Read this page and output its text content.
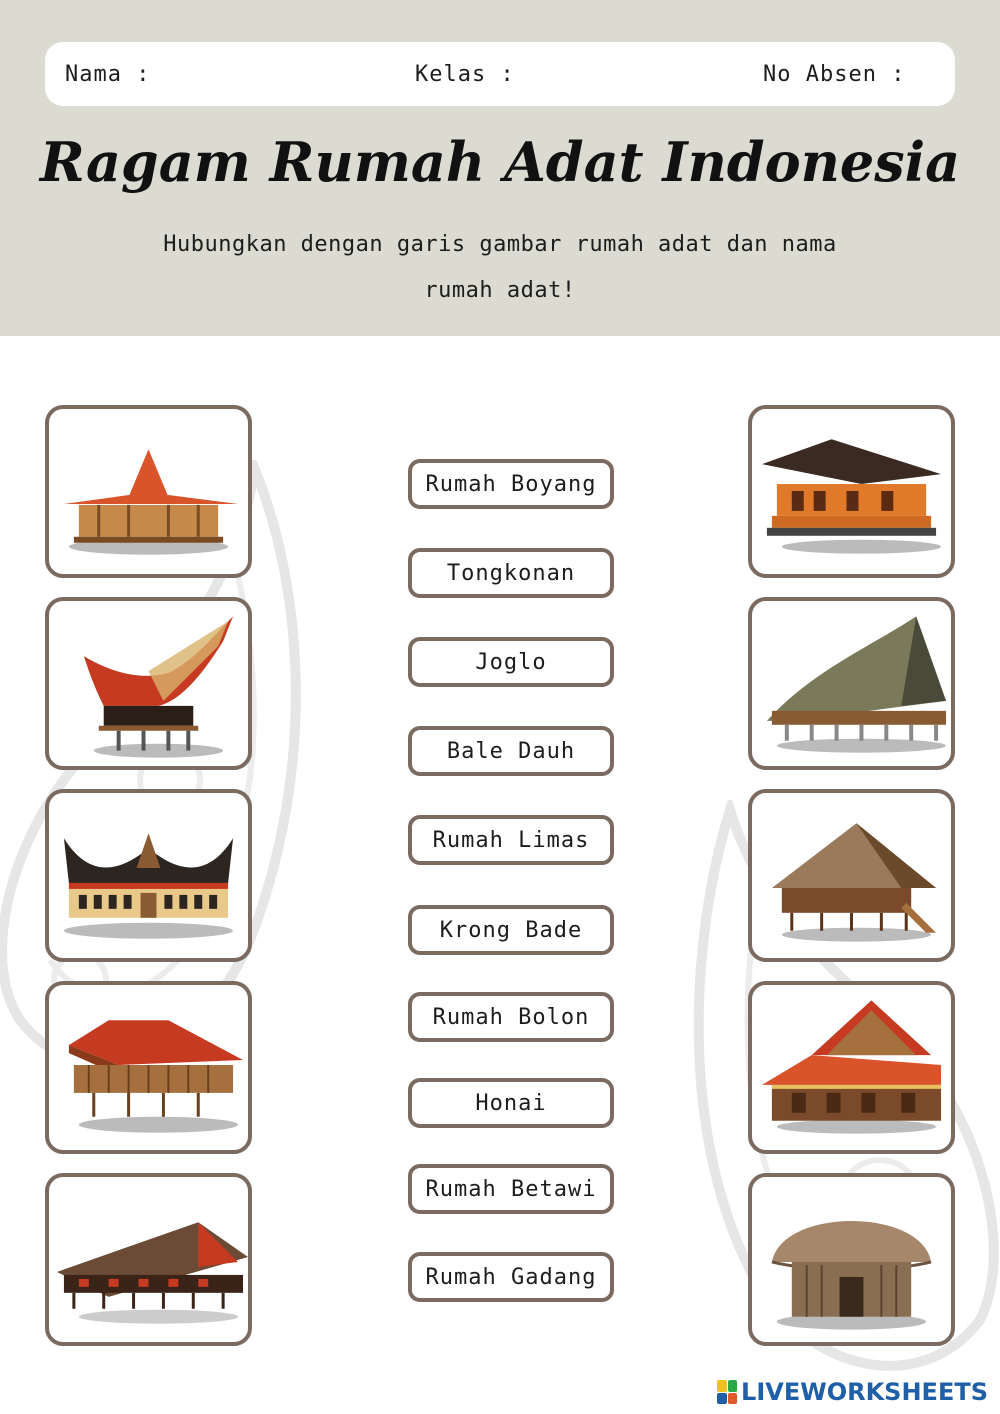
Nama :	Kelas :	No Absen :
Ragam Rumah Adat Indonesia
Hubungkan dengan garis gambar rumah adat dan nama rumah adat!
Rumah Boyang
Tongkonan
Joglo
Bale Dauh
Rumah Limas
Krong Bade
Rumah Bolon
Honai
Rumah Betawi
Rumah Gadang
LIVEWORKSHEETS
